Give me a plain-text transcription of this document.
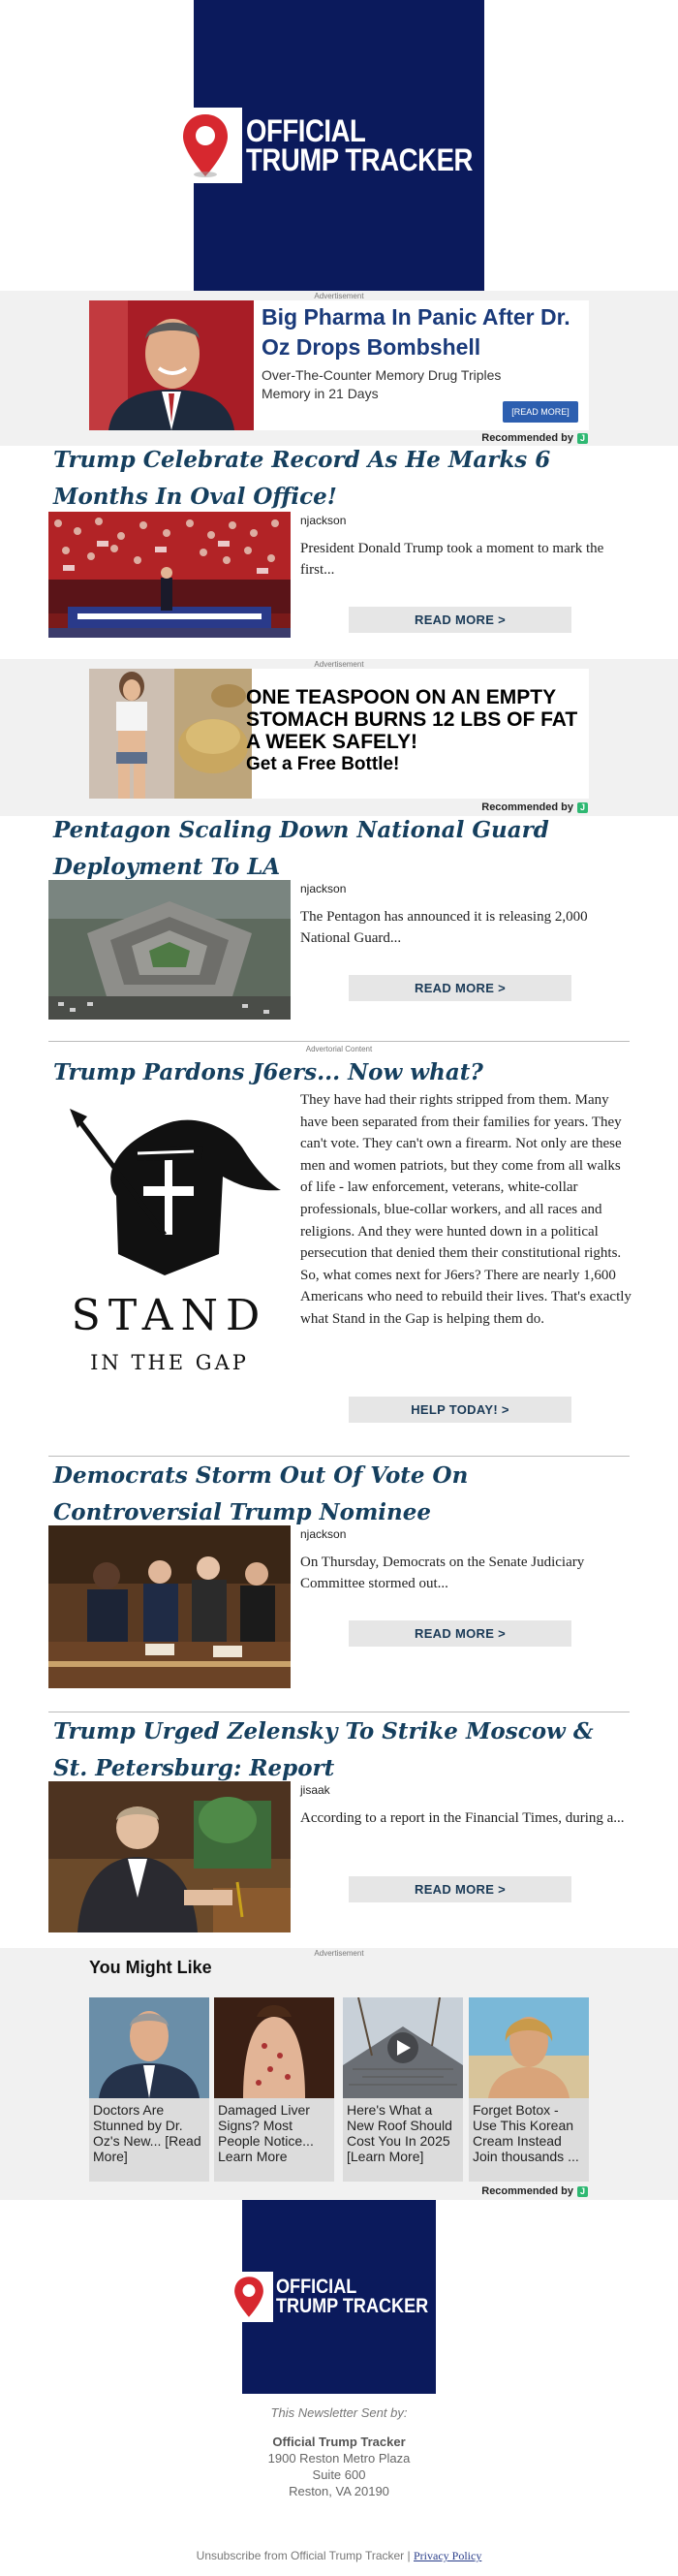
OFFICIAL
TRUMP TRACKER
Advertisement
Big Pharma In Panic After Dr. Oz Drops Bombshell
Over-The-Counter Memory Drug Triples Memory in 21 Days
[READ MORE]
Recommended by J
Trump Celebrate Record As He Marks 6 Months In Oval Office!
njackson
President Donald Trump took a moment to mark the first...
READ MORE >
Advertisement
ONE TEASPOON ON AN EMPTY STOMACH BURNS 12 LBS OF FAT A WEEK SAFELY!
Get a Free Bottle!
Recommended by J
Pentagon Scaling Down National Guard Deployment To LA
njackson
The Pentagon has announced it is releasing 2,000 National Guard...
READ MORE >
Advertorial Content
Trump Pardons J6ers... Now what?
STAND
IN THE GAP
They have had their rights stripped from them. Many have been separated from their families for years. They can't vote. They can't own a firearm. Not only are these men and women patriots, but they come from all walks of life - law enforcement, veterans, white-collar professionals, blue-collar workers, and all races and religions. And they were hunted down in a political persecution that denied them their constitutional rights. So, what comes next for J6ers? There are nearly 1,600 Americans who need to rebuild their lives. That's exactly what Stand in the Gap is helping them do.
HELP TODAY! >
Democrats Storm Out Of Vote On Controversial Trump Nominee
njackson
On Thursday, Democrats on the Senate Judiciary Committee stormed out...
READ MORE >
Trump Urged Zelensky To Strike Moscow & St. Petersburg: Report
jisaak
According to a report in the Financial Times, during a...
READ MORE >
Advertisement
You Might Like
Doctors Are Stunned by Dr. Oz's New... [Read More]
Damaged Liver Signs? Most People Notice... Learn More
Here's What a New Roof Should Cost You In 2025 [Learn More]
Forget Botox - Use This Korean Cream Instead Join thousands ...
Recommended by J
OFFICIAL
TRUMP TRACKER
This Newsletter Sent by:
Official Trump Tracker
1900 Reston Metro Plaza
Suite 600
Reston, VA 20190
Unsubscribe from Official Trump Tracker | Privacy Policy
